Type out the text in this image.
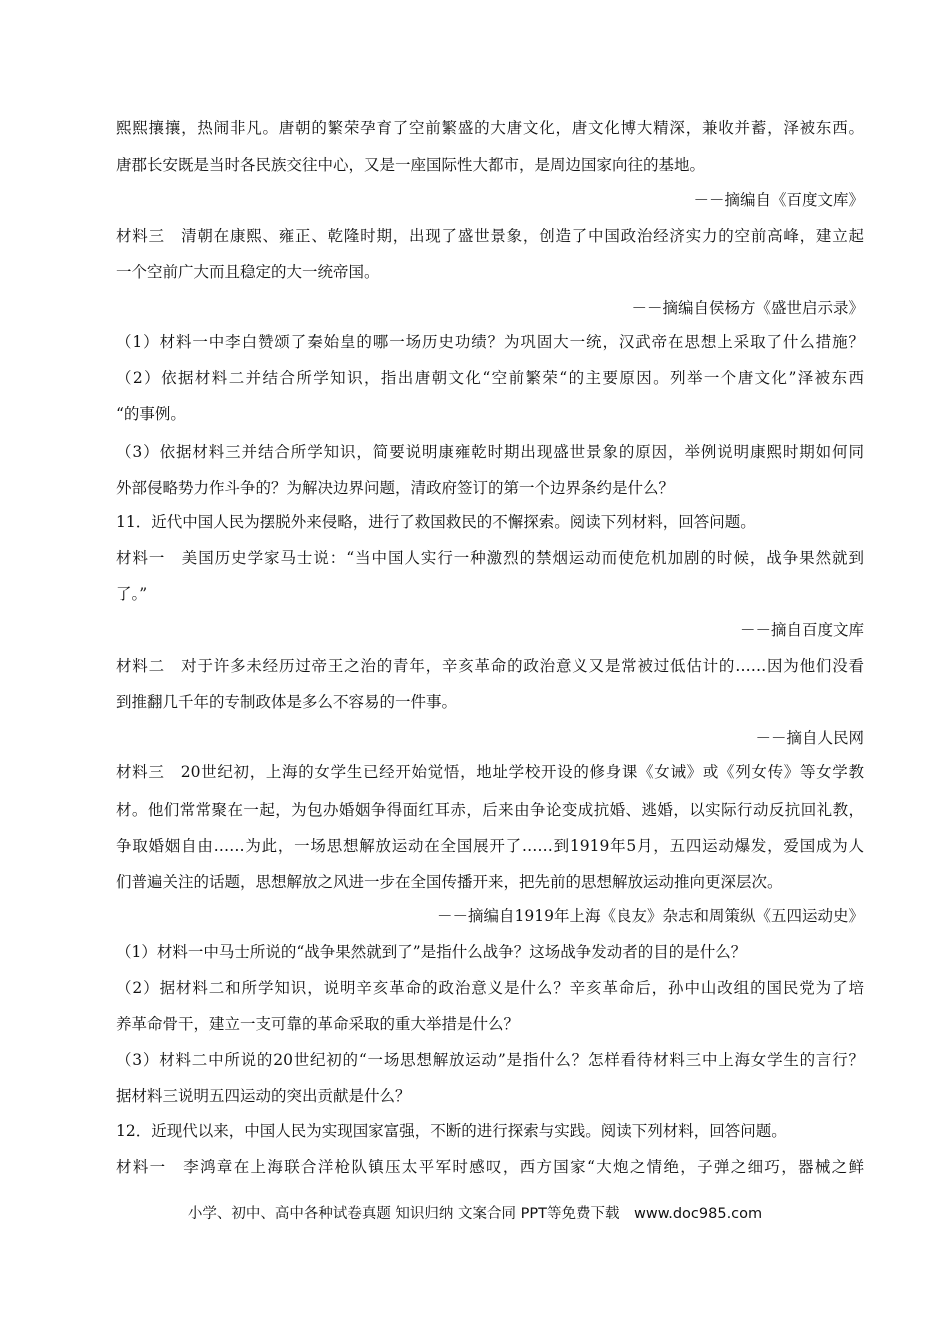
熙熙攘攘，热闹非凡。唐朝的繁荣孕育了空前繁盛的大唐文化，唐文化博大精深，兼收并蓄，泽被东西。
唐郡长安既是当时各民族交往中心，又是一座国际性大都市，是周边国家向往的基地。
－－摘编自《百度文库》
材料三　清朝在康熙、雍正、乾隆时期，出现了盛世景象，创造了中国政治经济实力的空前高峰，建立起
一个空前广大而且稳定的大一统帝国。
－－摘编自侯杨方《盛世启示录》
（1）材料一中李白赞颂了秦始皇的哪一场历史功绩？为巩固大一统，汉武帝在思想上采取了什么措施？
（2）依据材料二并结合所学知识，指出唐朝文化“空前繁荣“的主要原因。列举一个唐文化”泽被东西
“的事例。
（3）依据材料三并结合所学知识，简要说明康雍乾时期出现盛世景象的原因，举例说明康熙时期如何同
外部侵略势力作斗争的？为解决边界问题，清政府签订的第一个边界条约是什么？
11．近代中国人民为摆脱外来侵略，进行了救国救民的不懈探索。阅读下列材料，回答问题。
材料一　美国历史学家马士说：“当中国人实行一种激烈的禁烟运动而使危机加剧的时候，战争果然就到
了。”
－－摘自百度文库
材料二　对于许多未经历过帝王之治的青年，辛亥革命的政治意义又是常被过低估计的……因为他们没看
到推翻几千年的专制政体是多么不容易的一件事。
－－摘自人民网
材料三　20世纪初，上海的女学生已经开始觉悟，地址学校开设的修身课《女诫》或《列女传》等女学教
材。他们常常聚在一起，为包办婚姻争得面红耳赤，后来由争论变成抗婚、逃婚，以实际行动反抗回礼教，
争取婚姻自由……为此，一场思想解放运动在全国展开了……到1919年5月，五四运动爆发，爱国成为人
们普遍关注的话题，思想解放之风进一步在全国传播开来，把先前的思想解放运动推向更深层次。
－－摘编自1919年上海《良友》杂志和周策纵《五四运动史》
（1）材料一中马士所说的“战争果然就到了”是指什么战争？这场战争发动者的目的是什么？
（2）据材料二和所学知识，说明辛亥革命的政治意义是什么？辛亥革命后，孙中山改组的国民党为了培
养革命骨干，建立一支可靠的革命采取的重大举措是什么？
（3）材料二中所说的20世纪初的“一场思想解放运动”是指什么？怎样看待材料三中上海女学生的言行？
据材料三说明五四运动的突出贡献是什么？
12．近现代以来，中国人民为实现国家富强，不断的进行探索与实践。阅读下列材料，回答问题。
材料一　李鸿章在上海联合洋枪队镇压太平军时感叹，西方国家“大炮之情绝，子弹之细巧，器械之鲜
小学、初中、高中各种试卷真题 知识归纳 文案合同 PPT等免费下载　www.doc985.com
